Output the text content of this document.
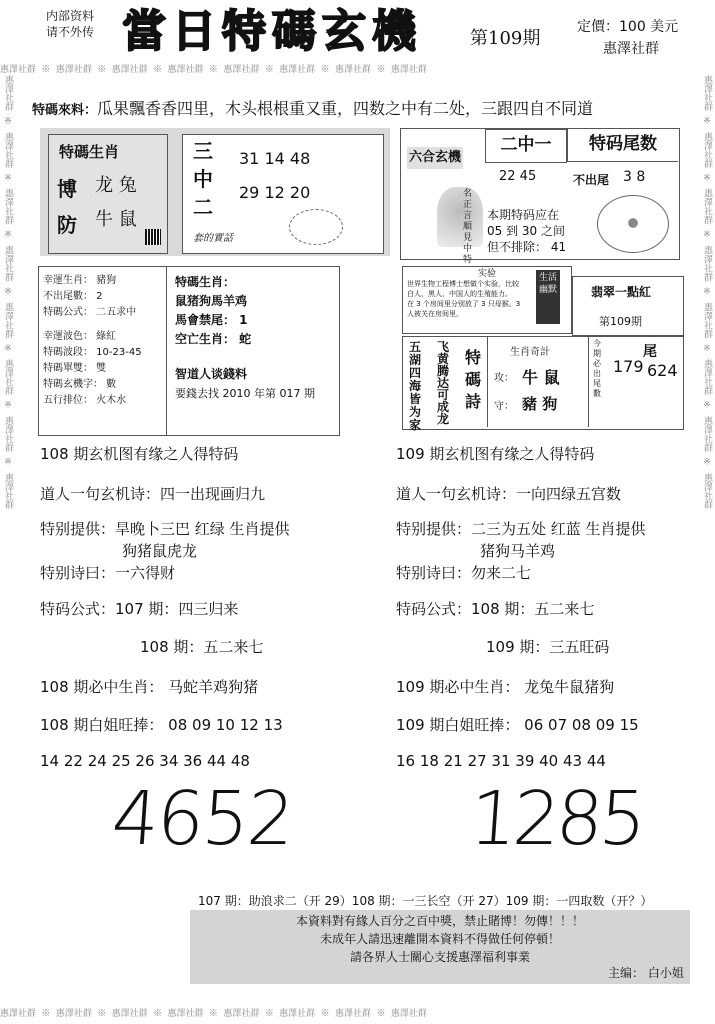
惠澤社群 ※ 惠澤社群 ※ 惠澤社群 ※ 惠澤社群 ※ 惠澤社群 ※ 惠澤社群 ※ 惠澤社群 ※ 惠澤社群
惠澤社群 ※ 惠澤社群 ※ 惠澤社群 ※ 惠澤社群 ※ 惠澤社群 ※ 惠澤社群 ※ 惠澤社群 ※ 惠澤社群
惠澤社群 ※ 惠澤社群 ※ 惠澤社群 ※ 惠澤社群 ※ 惠澤社群 ※ 惠澤社群 ※ 惠澤社群 ※ 惠澤社群	惠澤社群 ※ 惠澤社群 ※ 惠澤社群 ※ 惠澤社群 ※ 惠澤社群 ※ 惠澤社群 ※ 惠澤社群 ※ 惠澤社群
内部资料
请不外传 當日特碼玄機	第109期
定價：100 美元
惠澤社群
特碼來料：瓜果飄香香四里，木头根根重又重，四数之中有二处，三跟四自不同道
特碼生肖
博 龙 兔
防 牛 鼠
三中二
31 14 48
29 12 20
套的實話
六合玄機
二中一
22 45
名正言順見中特
本期特码应在
05 到 30 之间
但不排除： 41
特码尾数
不出尾 3 8
幸運生肖： 豬狗
不出尾數： 2
特碼公式： 二五求中
幸運波色： 綠紅
特碼波段： 10-23-45
特碼單雙： 雙
特碼玄機字： 數
五行排位： 火木水
特碼生肖：
鼠猪狗馬羊鸡
馬會禁尾： 1
空亡生肖： 蛇
智道人谈錢料
要錢去找 2010 年第 017 期
实验
世界生物工程博士想做个实验，比较
白人、黑人、中国人的生殖能力。
在 3 个房间里分别放了 3 只母猴。3
人被关在房间里。
生活幽默	翡翠一點紅
第109期
五湖四海皆为家
飞黄腾达可成龙
特碼詩
生肖奇計
攻： 牛 鼠
守： 豬 狗
今期必出尾數
179
尾
624
108 期玄机图有缘之人得特码
道人一句玄机诗：四一出现画归九
特别提供：旱晚卜三巴 红绿 生肖提供
狗猪鼠虎龙
特别诗曰：一六得财
特码公式：107 期：四三归来
108 期：五二来七
108 期必中生肖： 马蛇羊鸡狗猪
108 期白姐旺捧： 08 09 10 12 13
14 22 24 25 26 34 36 44 48
4652
109 期玄机图有缘之人得特码
道人一句玄机诗：一向四绿五宫数
特别提供：二三为五处 红蓝 生肖提供
猪狗马羊鸡
特别诗曰：勿来二七
特码公式：108 期：五二来七
109 期：三五旺码
109 期必中生肖： 龙兔牛鼠猪狗
109 期白姐旺捧： 06 07 08 09 15
16 18 21 27 31 39 40 43 44
1285
107 期：助浪求二（开 29）108 期：一三长空（开 27）109 期：一四取数（开？）
本資料對有緣人百分之百中獎，禁止賭博！勿傳！！！
未成年人請迅速離開本資料不得做任何停頓！
請各界人士關心支援惠澤福利事業
主编： 白小姐
